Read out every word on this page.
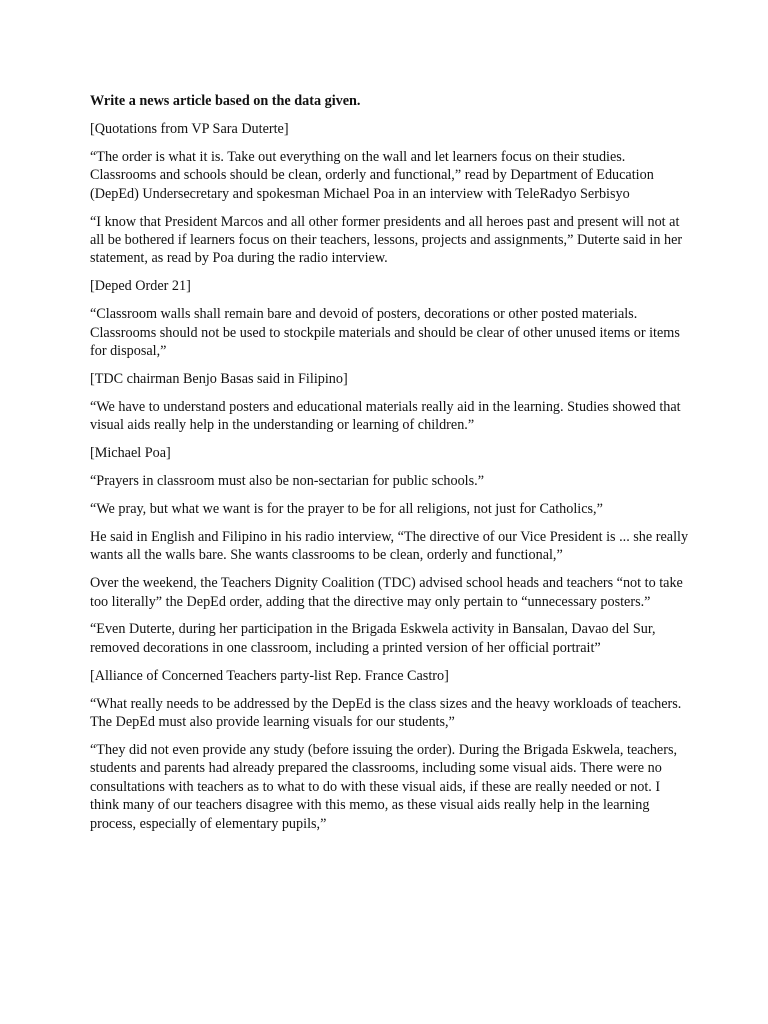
Write a news article based on the data given.

[Quotations from VP Sara Duterte]

“The order is what it is. Take out everything on the wall and let learners focus on their studies. Classrooms and schools should be clean, orderly and functional,” read by Department of Education (DepEd) Undersecretary and spokesman Michael Poa in an interview with TeleRadyo Serbisyo

“I know that President Marcos and all other former presidents and all heroes past and present will not at all be bothered if learners focus on their teachers, lessons, projects and assignments,” Duterte said in her statement, as read by Poa during the radio interview.

[Deped Order 21]

“Classroom walls shall remain bare and devoid of posters, decorations or other posted materials. Classrooms should not be used to stockpile materials and should be clear of other unused items or items for disposal,”

[TDC chairman Benjo Basas said in Filipino]

“We have to understand posters and educational materials really aid in the learning. Studies showed that visual aids really help in the understanding or learning of children.”

[Michael Poa]

“Prayers in classroom must also be non-sectarian for public schools.”

“We pray, but what we want is for the prayer to be for all religions, not just for Catholics,”

He said in English and Filipino in his radio interview, “The directive of our Vice President is ... she really wants all the walls bare. She wants classrooms to be clean, orderly and functional,”

Over the weekend, the Teachers Dignity Coalition (TDC) advised school heads and teachers “not to take too literally” the DepEd order, adding that the directive may only pertain to “unnecessary posters.”

“Even Duterte, during her participation in the Brigada Eskwela activity in Bansalan, Davao del Sur, removed decorations in one classroom, including a printed version of her official portrait”

[Alliance of Concerned Teachers party-list Rep. France Castro]

“What really needs to be addressed by the DepEd is the class sizes and the heavy workloads of teachers. The DepEd must also provide learning visuals for our students,”

“They did not even provide any study (before issuing the order). During the Brigada Eskwela, teachers, students and parents had already prepared the classrooms, including some visual aids. There were no consultations with teachers as to what to do with these visual aids, if these are really needed or not. I think many of our teachers disagree with this memo, as these visual aids really help in the learning process, especially of elementary pupils,”
